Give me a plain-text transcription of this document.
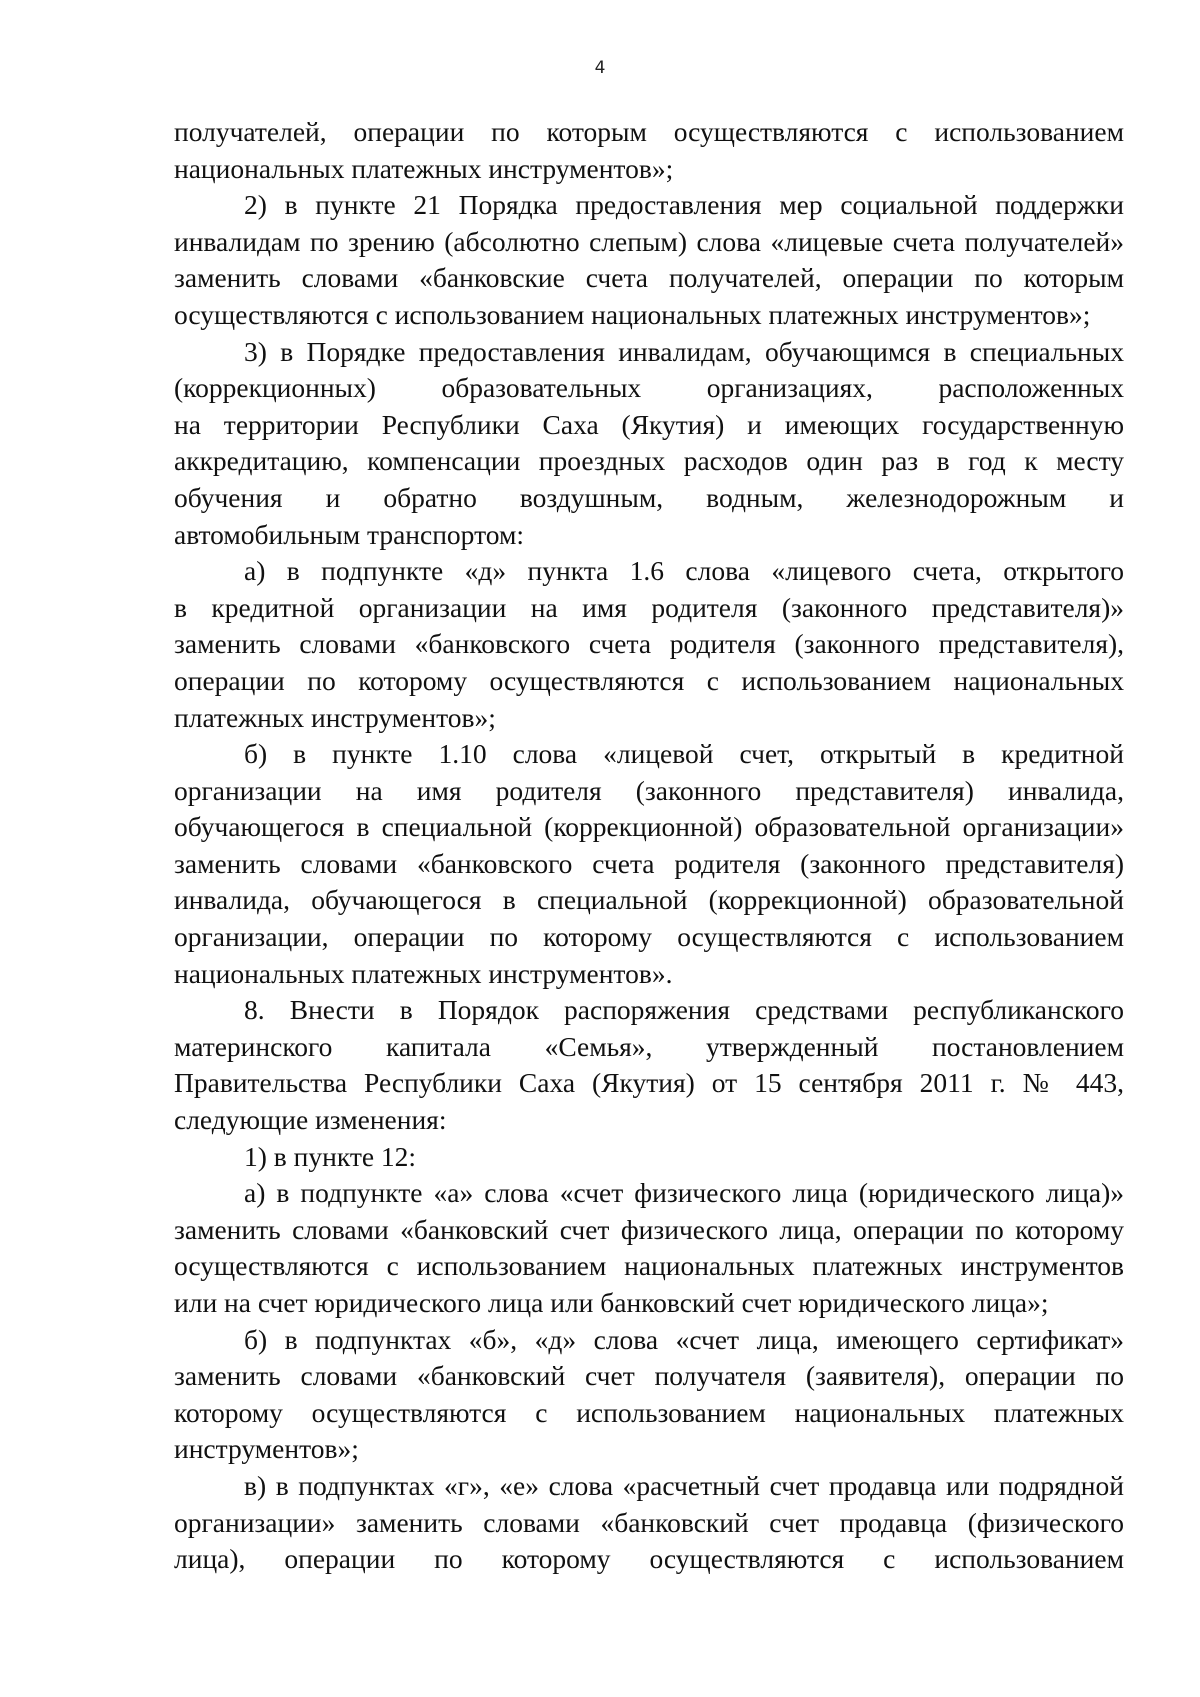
4
получателей, операции по которым осуществляются с использованием
национальных платежных инструментов»;
2) в пункте 21 Порядка предоставления мер социальной поддержки
инвалидам по зрению (абсолютно слепым) слова «лицевые счета получателей»
заменить словами «банковские счета получателей, операции по которым
осуществляются с использованием национальных платежных инструментов»;
3) в Порядке предоставления инвалидам, обучающимся в специальных
(коррекционных) образовательных организациях, расположенных
на территории Республики Саха (Якутия) и имеющих государственную
аккредитацию, компенсации проездных расходов один раз в год к месту
обучения и обратно воздушным, водным, железнодорожным и
автомобильным транспортом:
а) в подпункте «д» пункта 1.6 слова «лицевого счета, открытого
в кредитной организации на имя родителя (законного представителя)»
заменить словами «банковского счета родителя (законного представителя),
операции по которому осуществляются с использованием национальных
платежных инструментов»;
б) в пункте 1.10 слова «лицевой счет, открытый в кредитной
организации на имя родителя (законного представителя) инвалида,
обучающегося в специальной (коррекционной) образовательной организации»
заменить словами «банковского счета родителя (законного представителя)
инвалида, обучающегося в специальной (коррекционной) образовательной
организации, операции по которому осуществляются с использованием
национальных платежных инструментов».
8. Внести в Порядок распоряжения средствами республиканского
материнского капитала «Семья», утвержденный постановлением
Правительства Республики Саха (Якутия) от 15 сентября 2011 г. № 443,
следующие изменения:
1) в пункте 12:
а) в подпункте «а» слова «счет физического лица (юридического лица)»
заменить словами «банковский счет физического лица, операции по которому
осуществляются с использованием национальных платежных инструментов
или на счет юридического лица или банковский счет юридического лица»;
б) в подпунктах «б», «д» слова «счет лица, имеющего сертификат»
заменить словами «банковский счет получателя (заявителя), операции по
которому осуществляются с использованием национальных платежных
инструментов»;
в) в подпунктах «г», «е» слова «расчетный счет продавца или подрядной
организации» заменить словами «банковский счет продавца (физического
лица), операции по которому осуществляются с использованием
